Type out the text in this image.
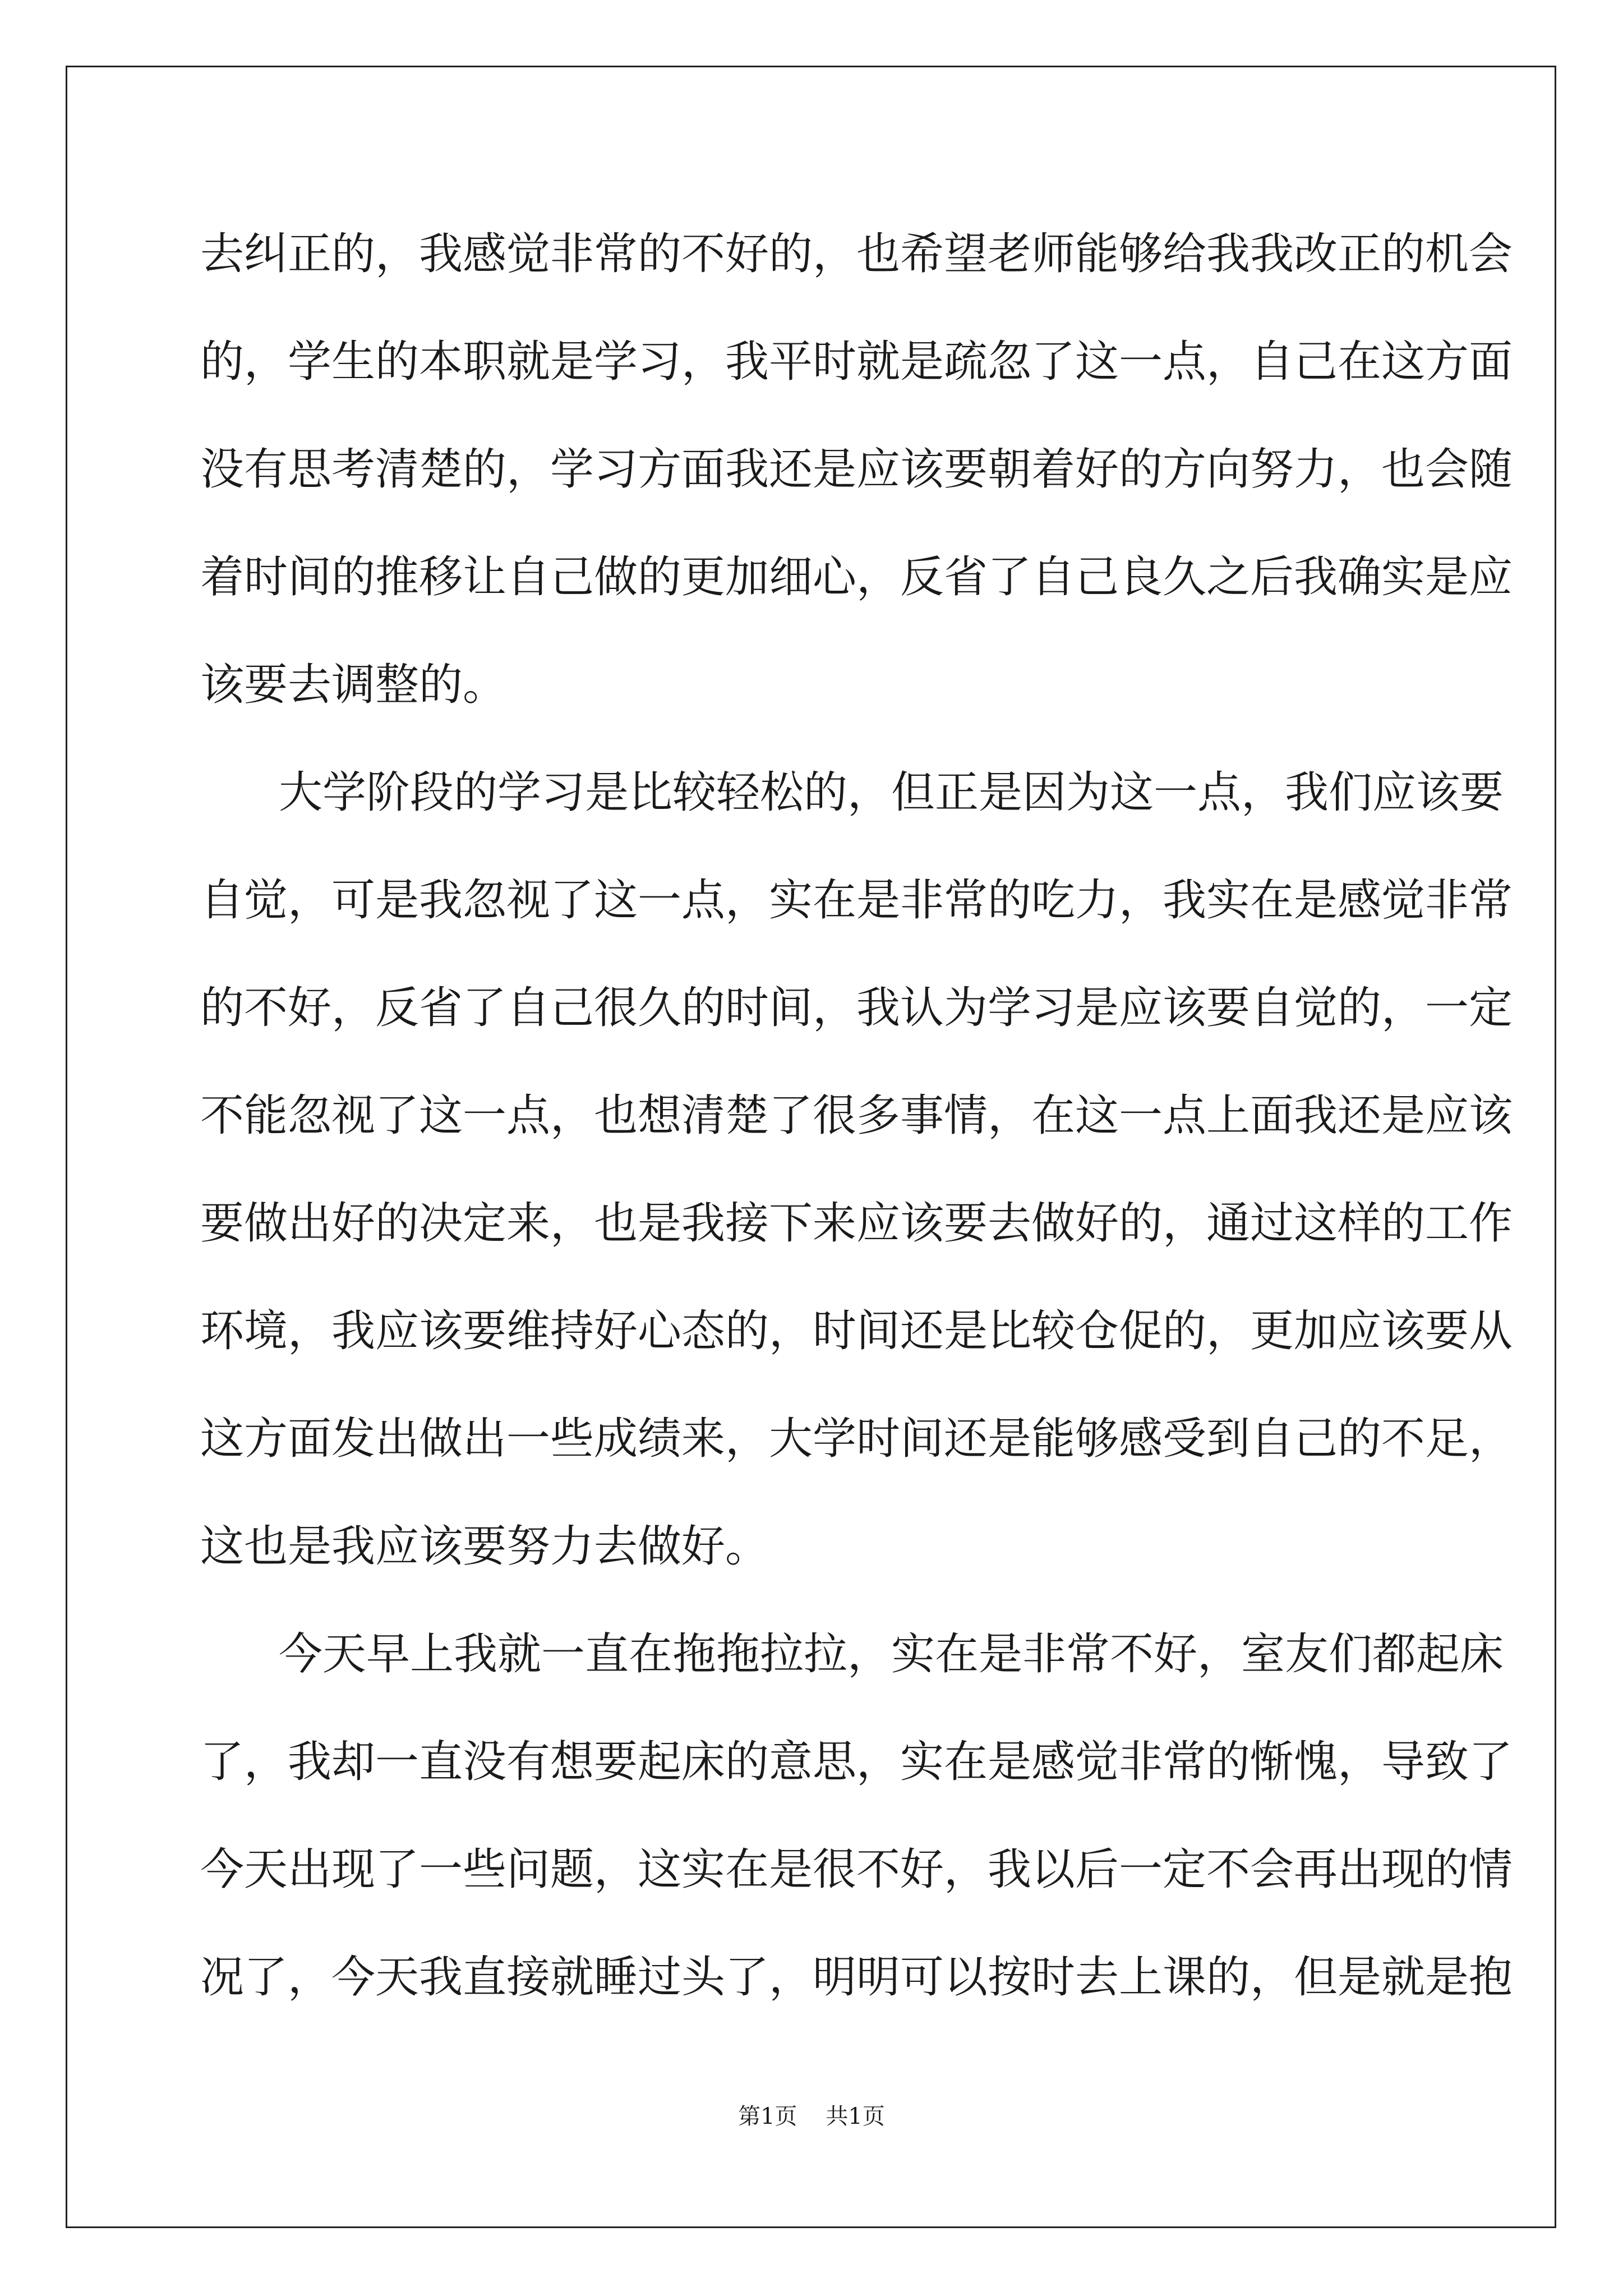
去纠正的，我感觉非常的不好的，也希望老师能够给我我改正的机会

的，学生的本职就是学习，我平时就是疏忽了这一点，自己在这方面

没有思考清楚的，学习方面我还是应该要朝着好的方向努力，也会随

着时间的推移让自己做的更加细心，反省了自己良久之后我确实是应

该要去调整的。

大学阶段的学习是比较轻松的，但正是因为这一点，我们应该要

自觉，可是我忽视了这一点，实在是非常的吃力，我实在是感觉非常

的不好，反省了自己很久的时间，我认为学习是应该要自觉的，一定

不能忽视了这一点，也想清楚了很多事情，在这一点上面我还是应该

要做出好的决定来，也是我接下来应该要去做好的，通过这样的工作

环境，我应该要维持好心态的，时间还是比较仓促的，更加应该要从

这方面发出做出一些成绩来，大学时间还是能够感受到自己的不足，

这也是我应该要努力去做好。

今天早上我就一直在拖拖拉拉，实在是非常不好，室友们都起床

了，我却一直没有想要起床的意思，实在是感觉非常的惭愧，导致了

今天出现了一些问题，这实在是很不好，我以后一定不会再出现的情

况了，今天我直接就睡过头了，明明可以按时去上课的，但是就是抱

第1页 共1页
